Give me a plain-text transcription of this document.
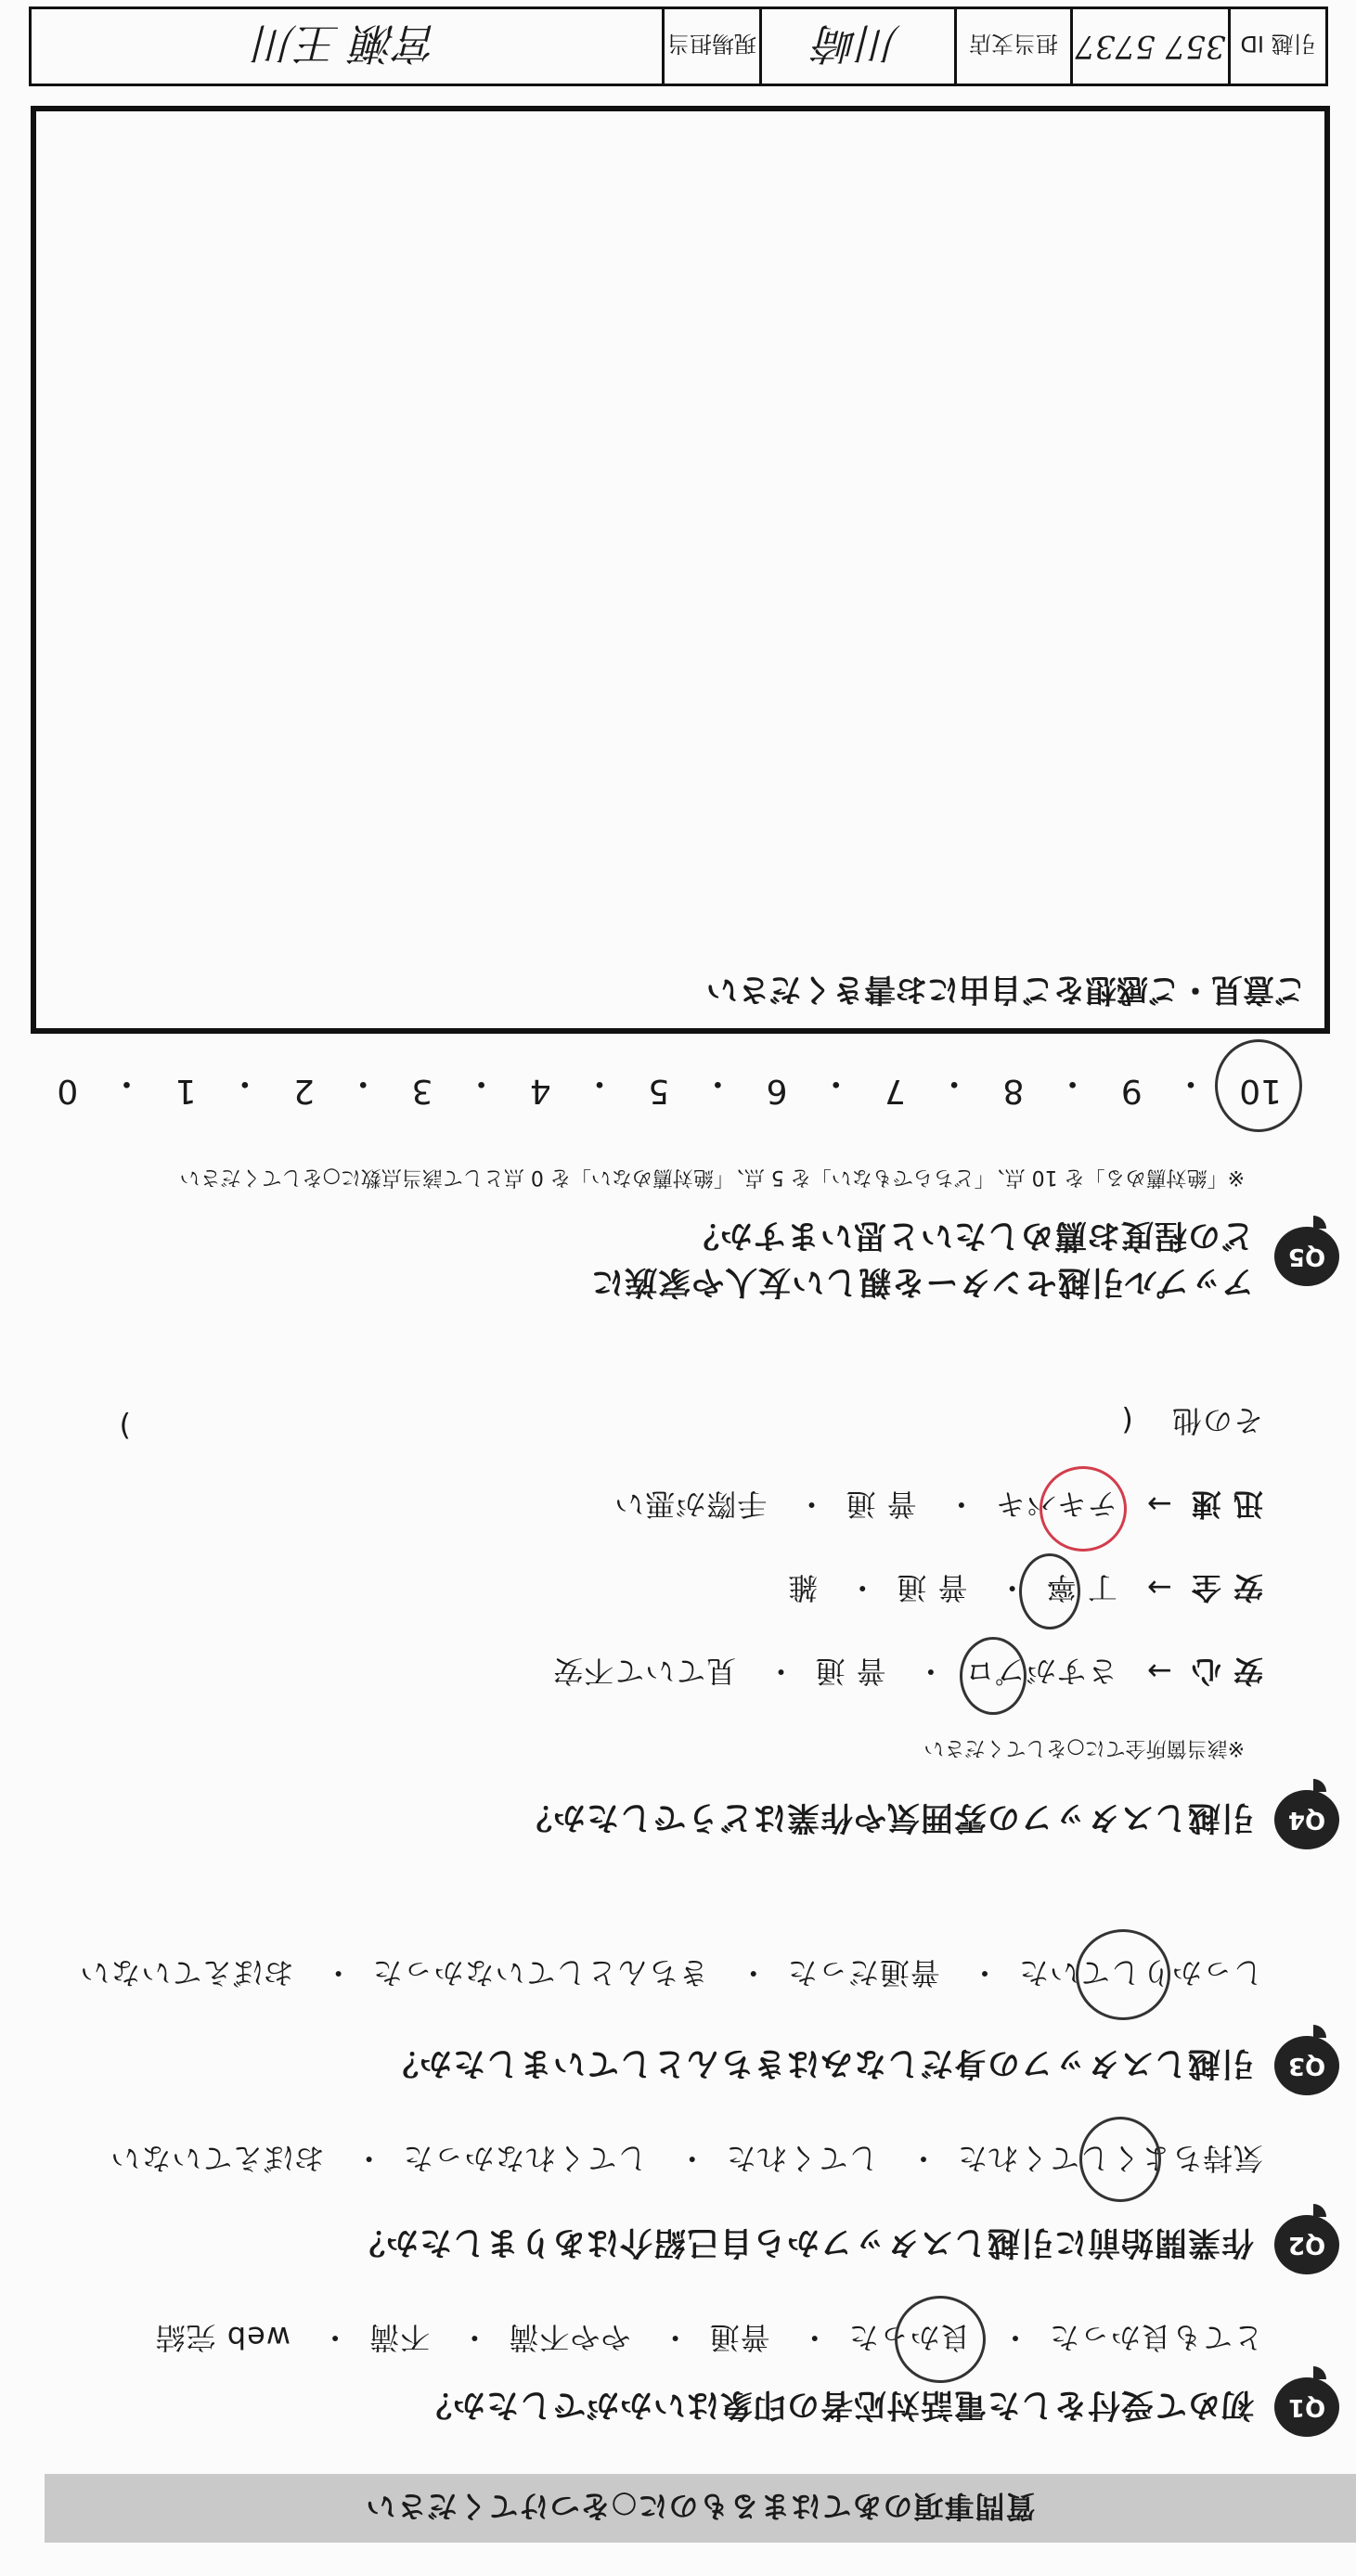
質問事項のあてはまるものに○をつけてください
Q1
初めて受付をした電話対応者の印象はいかがでしたか？
とても良かった・ 良かった
・ 普通・ やや不満・ 不満・ web 完結
Q2
作業開始前に引越しスタッフから自己紹介はありましたか？
気持ちよくしてくれた
・ してくれた・ してくれなかった・ おぼえていない
Q3
引越しスタッフの身だしなみはきちんとしていましたか？
しっかりしていた
・ 普通だった・ きちんとしていなかった・ おぼえていない
Q4
引越しスタッフの雰囲気や作業はどうでしたか？
※該当箇所全てに○をしてください
安 心→ さすがプロ
・ 普 通・ 見ていて不安
安 全→ 丁 寧
・ 普 通・ 雑
迅 速→ テキパキ
・ 普 通・ 手際が悪い
その他 (
)
Q5
アップル引越センターを親しい友人や家族に
どの程度お薦めしたいと思いますか？
※「絶対薦める」を 10 点、「どちらでもない」を 5 点、「絶対薦めない」を 0 点として該当点数に○をしてください
10
・
9
・
8
・
7
・
6
・
5
・
4
・
3
・
2
・
1
・
0
ご意見・ご感想をご自由にお書きください
引越 ID
357 5737
担当支店
川崎
現場担当
宮瀬 王川
